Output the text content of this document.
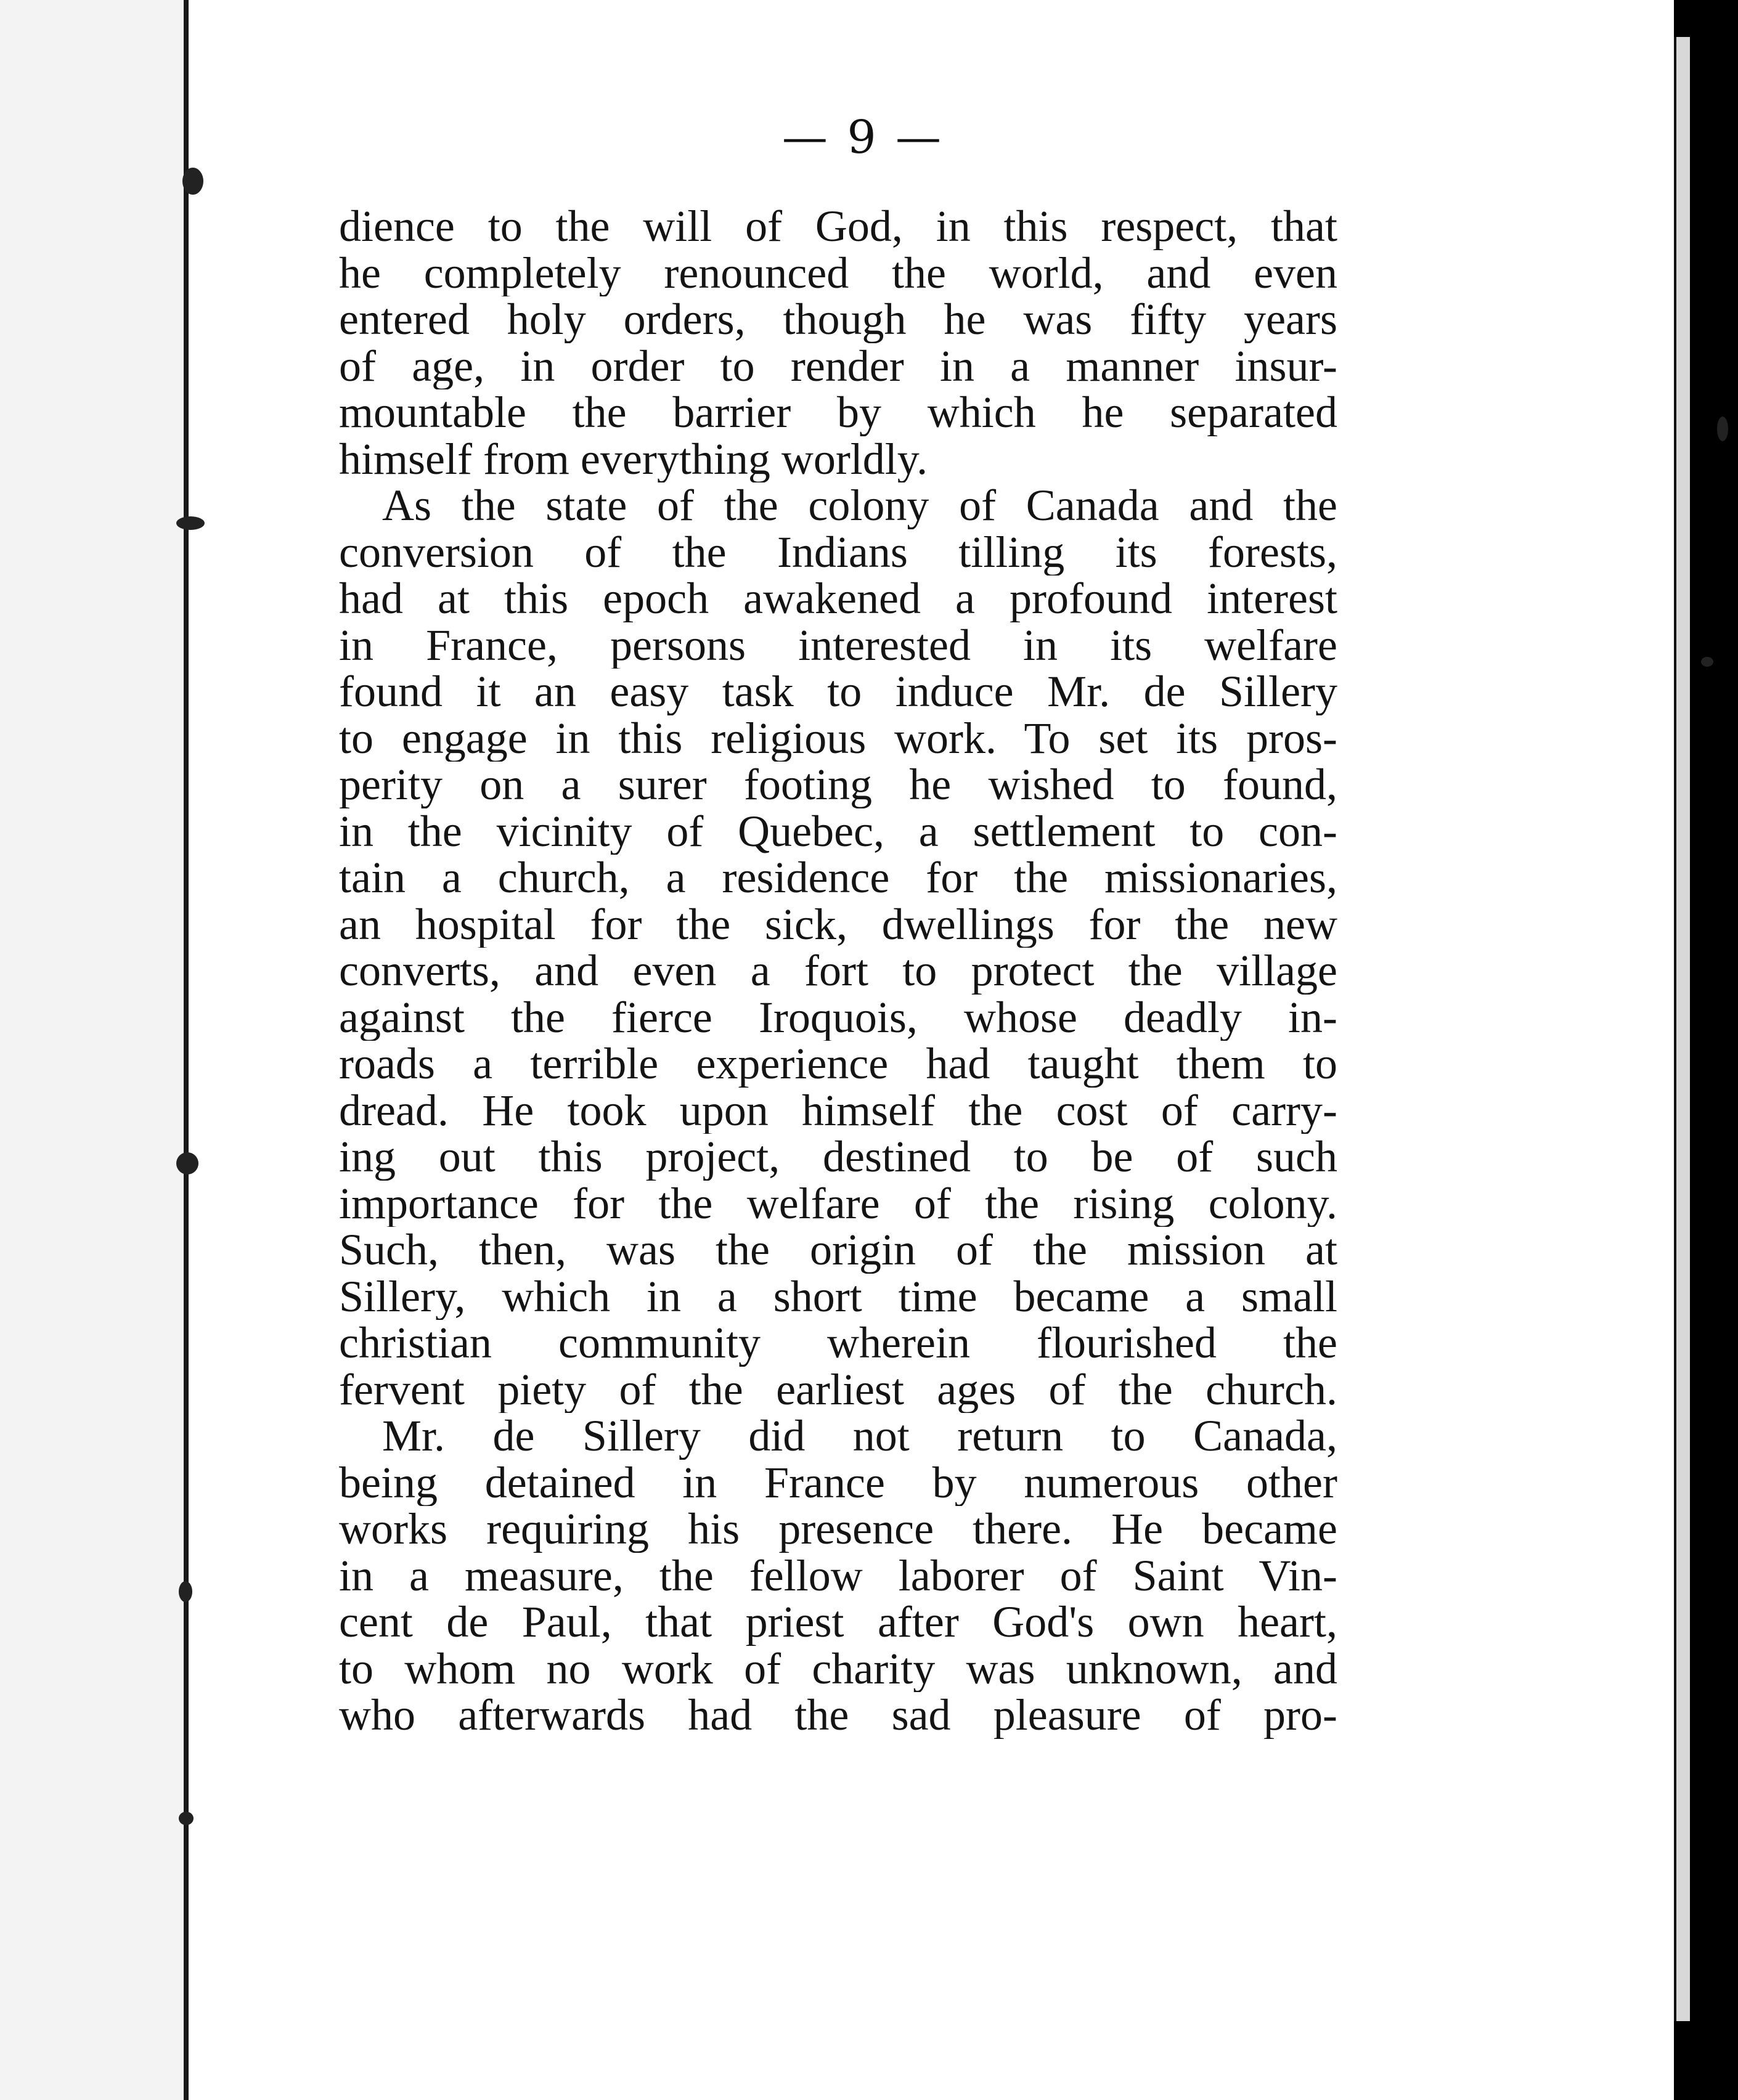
— 9 —
dience to the will of God, in this respect, that
he completely renounced the world, and even
entered holy orders, though he was fifty years
of age, in order to render in a manner insur-
mountable the barrier by which he separated
himself from everything worldly.
As the state of the colony of Canada and the
conversion of the Indians tilling its forests,
had at this epoch awakened a profound interest
in France, persons interested in its welfare
found it an easy task to induce Mr. de Sillery
to engage in this religious work. To set its pros-
perity on a surer footing he wished to found,
in the vicinity of Quebec, a settlement to con-
tain a church, a residence for the missionaries,
an hospital for the sick, dwellings for the new
converts, and even a fort to protect the village
against the fierce Iroquois, whose deadly in-
roads a terrible experience had taught them to
dread. He took upon himself the cost of carry-
ing out this project, destined to be of such
importance for the welfare of the rising colony.
Such, then, was the origin of the mission at
Sillery, which in a short time became a small
christian community wherein flourished the
fervent piety of the earliest ages of the church.
Mr. de Sillery did not return to Canada,
being detained in France by numerous other
works requiring his presence there. He became
in a measure, the fellow laborer of Saint Vin-
cent de Paul, that priest after God's own heart,
to whom no work of charity was unknown, and
who afterwards had the sad pleasure of pro-
